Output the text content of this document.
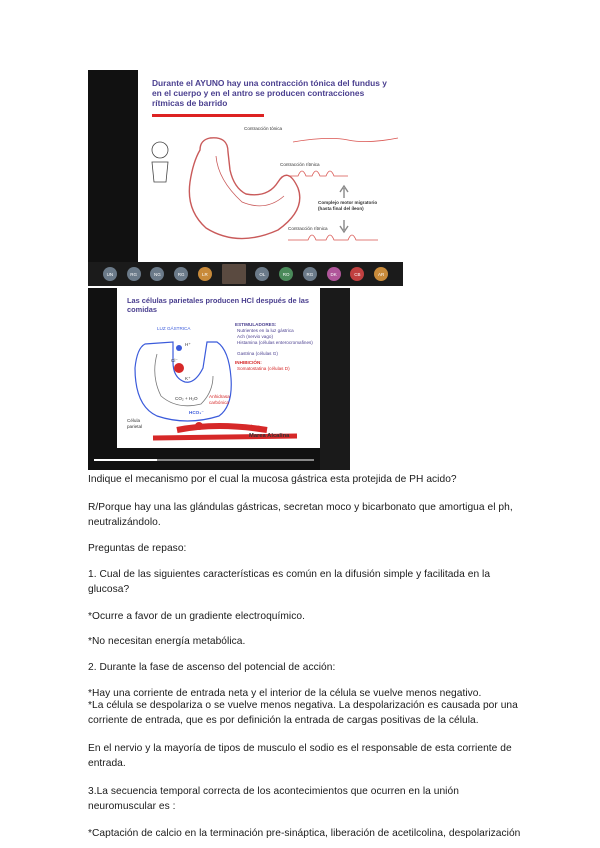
Durante el AYUNO hay una contracción tónica del fundus y en el cuerpo y en el antro se producen contracciones rítmicas de barrido
Contracción tónica
Contracción rítmica
Complejo motor migratorio (hasta final del íleon)
Contracción rítmica
UN	RG	NG	RG	LR	OL	RO	RG	DK	CB	AR
Las células parietales producen HCl después de las comidas
LUZ GÁSTRICA
ESTIMULADORES:
Nutrientes en la luz gástrica
Ach (nervio vago)
Histamina (células enterocromafines)
Gastrina (células G)
INHIBICIÓN:
Somatostatina (células D)
H⁺
Cl⁻
K⁺
CO₂ + H₂O Anhidrasa carbónica
HCO₃⁻
Célula parietal	Vaso sanguíneo
Marea Alcalina
Indique el mecanismo por el cual la mucosa gástrica esta protejida de PH acido?
R/Porque hay una las glándulas gástricas, secretan moco y bicarbonato que amortigua el ph, neutralizándolo.
Preguntas de repaso:
1. Cual de las siguientes características es común en la difusión simple y facilitada en la glucosa?
*Ocurre a favor de un gradiente electroquímico.
*No necesitan energía metabólica.
2. Durante la fase de ascenso del potencial de acción:
*Hay una corriente de entrada neta y el interior de la célula se vuelve menos negativo.
*La célula se despolariza o se vuelve menos negativa. La despolarización es causada por una corriente de entrada, que es por definición la entrada de cargas positivas de la célula.
En el nervio y la mayoría de tipos de musculo el sodio es el responsable de esta corriente de entrada.
3.La secuencia temporal correcta de los acontecimientos que ocurren en la unión neuromuscular es :
*Captación de calcio en la terminación pre-sináptica, liberación de acetilcolina, despolarización
